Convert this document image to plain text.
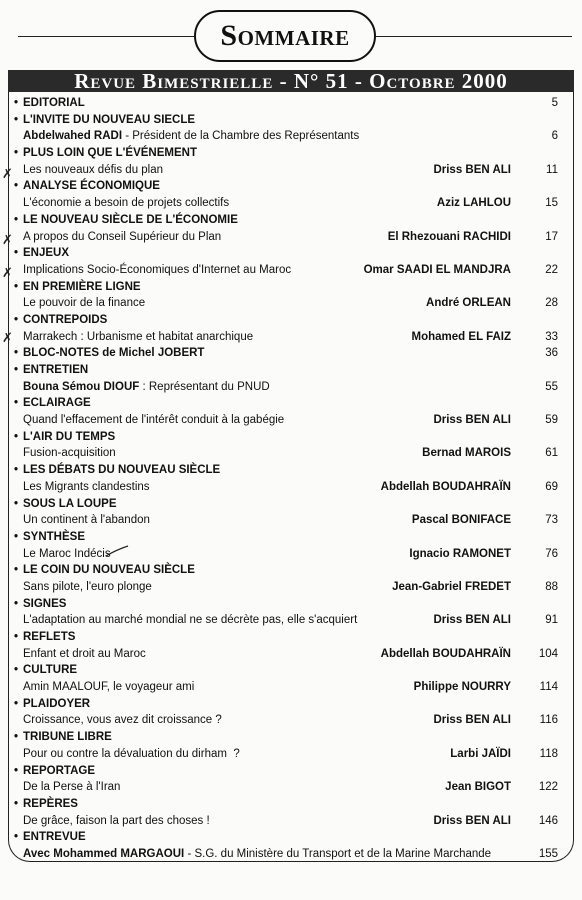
Sommaire
Revue Bimestrielle - N° 51 - Octobre 2000
• EDITORIAL	5
• L'INVITE DU NOUVEAU SIECLE
Abdelwahed RADI - Président de la Chambre des Représentants	6
• PLUS LOIN QUE L'ÉVÉNEMENT
Les nouveaux défis du plan	Driss BEN ALI	11
• ANALYSE ÉCONOMIQUE
L'économie a besoin de projets collectifs	Aziz LAHLOU	15
• LE NOUVEAU SIÈCLE DE L'ÉCONOMIE
A propos du Conseil Supérieur du Plan	El Rhezouani RACHIDI	17
• ENJEUX
Implications Socio-Économiques d'Internet au Maroc	Omar SAADI EL MANDJRA	22
• EN PREMIÈRE LIGNE
Le pouvoir de la finance	André ORLEAN	28
• CONTREPOIDS
Marrakech : Urbanisme et habitat anarchique	Mohamed EL FAIZ	33
• BLOC-NOTES de Michel JOBERT	36
• ENTRETIEN
Bouna Sémou DIOUF : Représentant du PNUD	55
• ECLAIRAGE
Quand l'effacement de l'intérêt conduit à la gabégie	Driss BEN ALI	59
• L'AIR DU TEMPS
Fusion-acquisition	Bernad MAROIS	61
• LES DÉBATS DU NOUVEAU SIÈCLE
Les Migrants clandestins	Abdellah BOUDAHRAÏN	69
• SOUS LA LOUPE
Un continent à l'abandon	Pascal BONIFACE	73
• SYNTHÈSE
Le Maroc Indécis	Ignacio RAMONET	76
• LE COIN DU NOUVEAU SIÈCLE
Sans pilote, l'euro plonge	Jean-Gabriel FREDET	88
• SIGNES
L'adaptation au marché mondial ne se décrète pas, elle s'acquiert	Driss BEN ALI	91
• REFLETS
Enfant et droit au Maroc	Abdellah BOUDAHRAÏN	104
• CULTURE
Amin MAALOUF, le voyageur ami	Philippe NOURRY	114
• PLAIDOYER
Croissance, vous avez dit croissance ?	Driss BEN ALI	116
• TRIBUNE LIBRE
Pour ou contre la dévaluation du dirham  ?	Larbi JAÏDI	118
• REPORTAGE
De la Perse à l'Iran	Jean BIGOT	122
• REPÈRES
De grâce, faison la part des choses !	Driss BEN ALI	146
• ENTREVUE
Avec Mohammed MARGAOUI - S.G. du Ministère du Transport et de la Marine Marchande	155
✗
✗
✗
✗
